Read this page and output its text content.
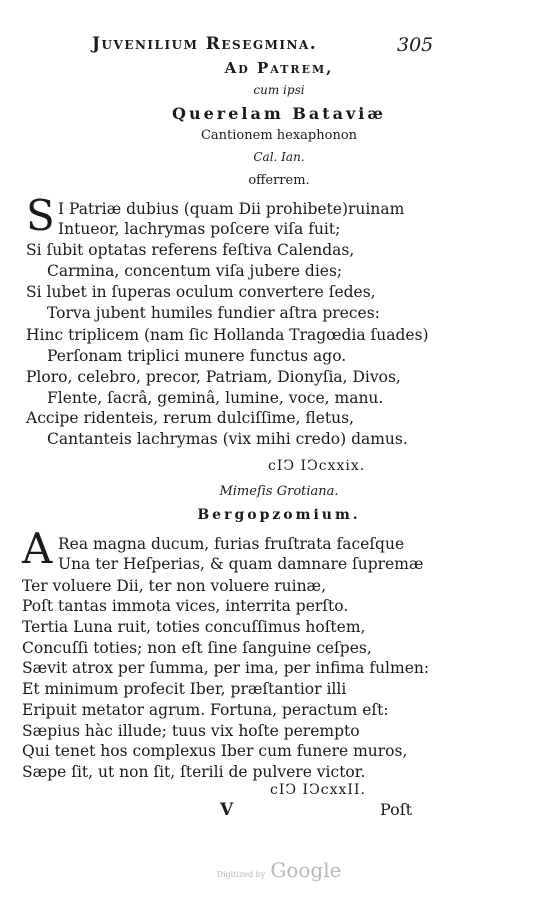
Juvenilium Resegmina.	305
Ad Patrem,
cum ipsi
Querelam Bataviæ
Cantionem hexaphonon
Cal. Ian.
offerrem.
S I Patriæ dubius (quam Dii prohibete)ruinam
Intueor, lachrymas poſcere viſa fuit;
Si ſubit optatas referens feſtiva Calendas,
Carmina, concentum viſa jubere dies;
Si lubet in ſuperas oculum convertere ſedes,
Torva jubent humiles fundier aſtra preces:
Hinc triplicem (nam ſic Hollanda Tragœdia ſuades)
Perſonam triplici munere functus ago.
Ploro, celebro, precor, Patriam, Dionyſia, Divos,
Flente, ſacrâ, geminâ, lumine, voce, manu.
Accipe ridenteis, rerum dulciſſime, fletus,
Cantanteis lachrymas (vix mihi credo) damus.
cIↃ IↃcxxix.
Mimeſis Grotiana.
Bergopzomium.
A Rea magna ducum, furias fruſtrata faceſque
Una ter Heſperias, & quam damnare ſupremæ
Ter voluere Dii, ter non voluere ruinæ,
Poſt tantas immota vices, interrita perſto.
Tertia Luna ruit, toties concuſſimus hoſtem,
Concuſſi toties; non eſt ſine ſanguine ceſpes,
Sævit atrox per ſumma, per ima, per infima fulmen:
Et minimum profecit Iber, præſtantior illi
Eripuit metator agrum. Fortuna, peractum eſt:
Sæpius hàc illude; tuus vix hoſte perempto
Qui tenet hos complexus Iber cum funere muros,
Sæpe ſit, ut non ſit, ſterili de pulvere victor.
cIↃ IↃcxxII.
V	Poſt
Digitized by Google
